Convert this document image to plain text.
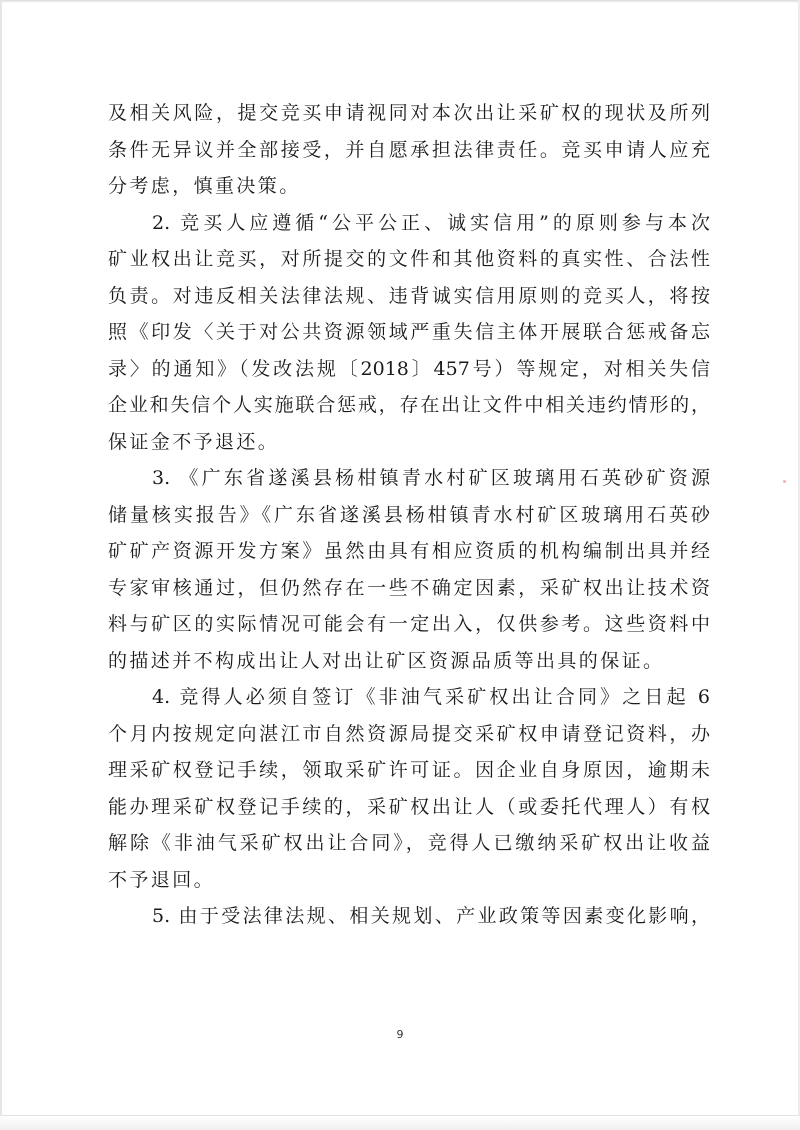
及相关风险，提交竞买申请视同对本次出让采矿权的现状及所列
条件无异议并全部接受，并自愿承担法律责任。竞买申请人应充
分考虑，慎重决策。
2. 竞买人应遵循“公平公正、诚实信用”的原则参与本次
矿业权出让竞买，对所提交的文件和其他资料的真实性、合法性
负责。对违反相关法律法规、违背诚实信用原则的竞买人，将按
照《印发〈关于对公共资源领域严重失信主体开展联合惩戒备忘
录〉的通知》（发改法规〔2018〕457号）等规定，对相关失信
企业和失信个人实施联合惩戒，存在出让文件中相关违约情形的，
保证金不予退还。
3. 《广东省遂溪县杨柑镇青水村矿区玻璃用石英砂矿资源
储量核实报告》《广东省遂溪县杨柑镇青水村矿区玻璃用石英砂
矿矿产资源开发方案》虽然由具有相应资质的机构编制出具并经
专家审核通过，但仍然存在一些不确定因素，采矿权出让技术资
料与矿区的实际情况可能会有一定出入，仅供参考。这些资料中
的描述并不构成出让人对出让矿区资源品质等出具的保证。
4. 竞得人必须自签订《非油气采矿权出让合同》之日起 6
个月内按规定向湛江市自然资源局提交采矿权申请登记资料，办
理采矿权登记手续，领取采矿许可证。因企业自身原因，逾期未
能办理采矿权登记手续的，采矿权出让人（或委托代理人）有权
解除《非油气采矿权出让合同》，竞得人已缴纳采矿权出让收益
不予退回。
5. 由于受法律法规、相关规划、产业政策等因素变化影响，
9
